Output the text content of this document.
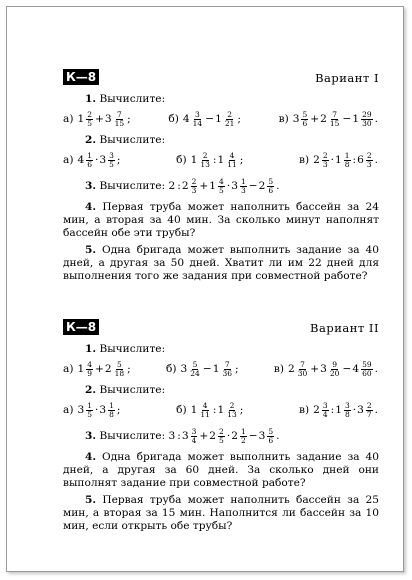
К—8	Вариант I
1. Вычислите:
а) $1 \frac{2}{5} + 3 \frac{7}{15}$ ;	б) $4 \frac{3}{14} - 1 \frac{2}{21}$ ;	в) $3 \frac{5}{6} + 2 \frac{7}{15} - 1 \frac{29}{30}$ .
2. Вычислите:
а) $4 \frac{1}{6} \cdot 3 \frac{3}{5}$ ;	б) $1 \frac{2}{13}$ : $1 \frac{4}{11}$ ;	в) $2 \frac{2}{3} \cdot 1 \frac{1}{8}$ : $6 \frac{2}{3}$ .
3.
Вычислите:
2 : $2 \frac{2}{3} + 1 \frac{4}{5} \cdot 3 \frac{1}{3} - 2 \frac{5}{6}$ .
4. Первая труба может наполнить бассейн за 24 мин, а вторая за 40 мин. За сколько минут наполнят бассейн обе эти трубы?
5. Одна бригада может выполнить задание за 40 дней, а другая за 50 дней. Хватит ли им 22 дней для выполнения того же задания при совместной работе?
К—8	Вариант II
1. Вычислите:
а) $1 \frac{4}{9} + 2 \frac{5}{18}$ ;	б) $3 \frac{5}{24} - 1 \frac{7}{36}$ ;	в) $2 \frac{7}{30} + 3 \frac{9}{20} - 4 \frac{59}{60}$ .
2. Вычислите:
а) $3 \frac{1}{5} \cdot 3 \frac{1}{8}$ ;	б) $1 \frac{4}{11}$ : $1 \frac{2}{13}$ ;	в) $2 \frac{3}{4}$ : $1 \frac{3}{8} \cdot 3 \frac{2}{7}$ .
3.
Вычислите:
3 : $3 \frac{3}{4} + 2 \frac{2}{5} \cdot 2 \frac{1}{2} - 3 \frac{5}{6}$ .
4. Одна бригада может выполнить задание за 40 дней, а другая за 60 дней. За сколько дней они выполнят задание при совместной работе?
5. Первая труба может наполнить бассейн за 25 мин, а вторая за 15 мин. Наполнится ли бассейн за 10 мин, если открыть обе трубы?
